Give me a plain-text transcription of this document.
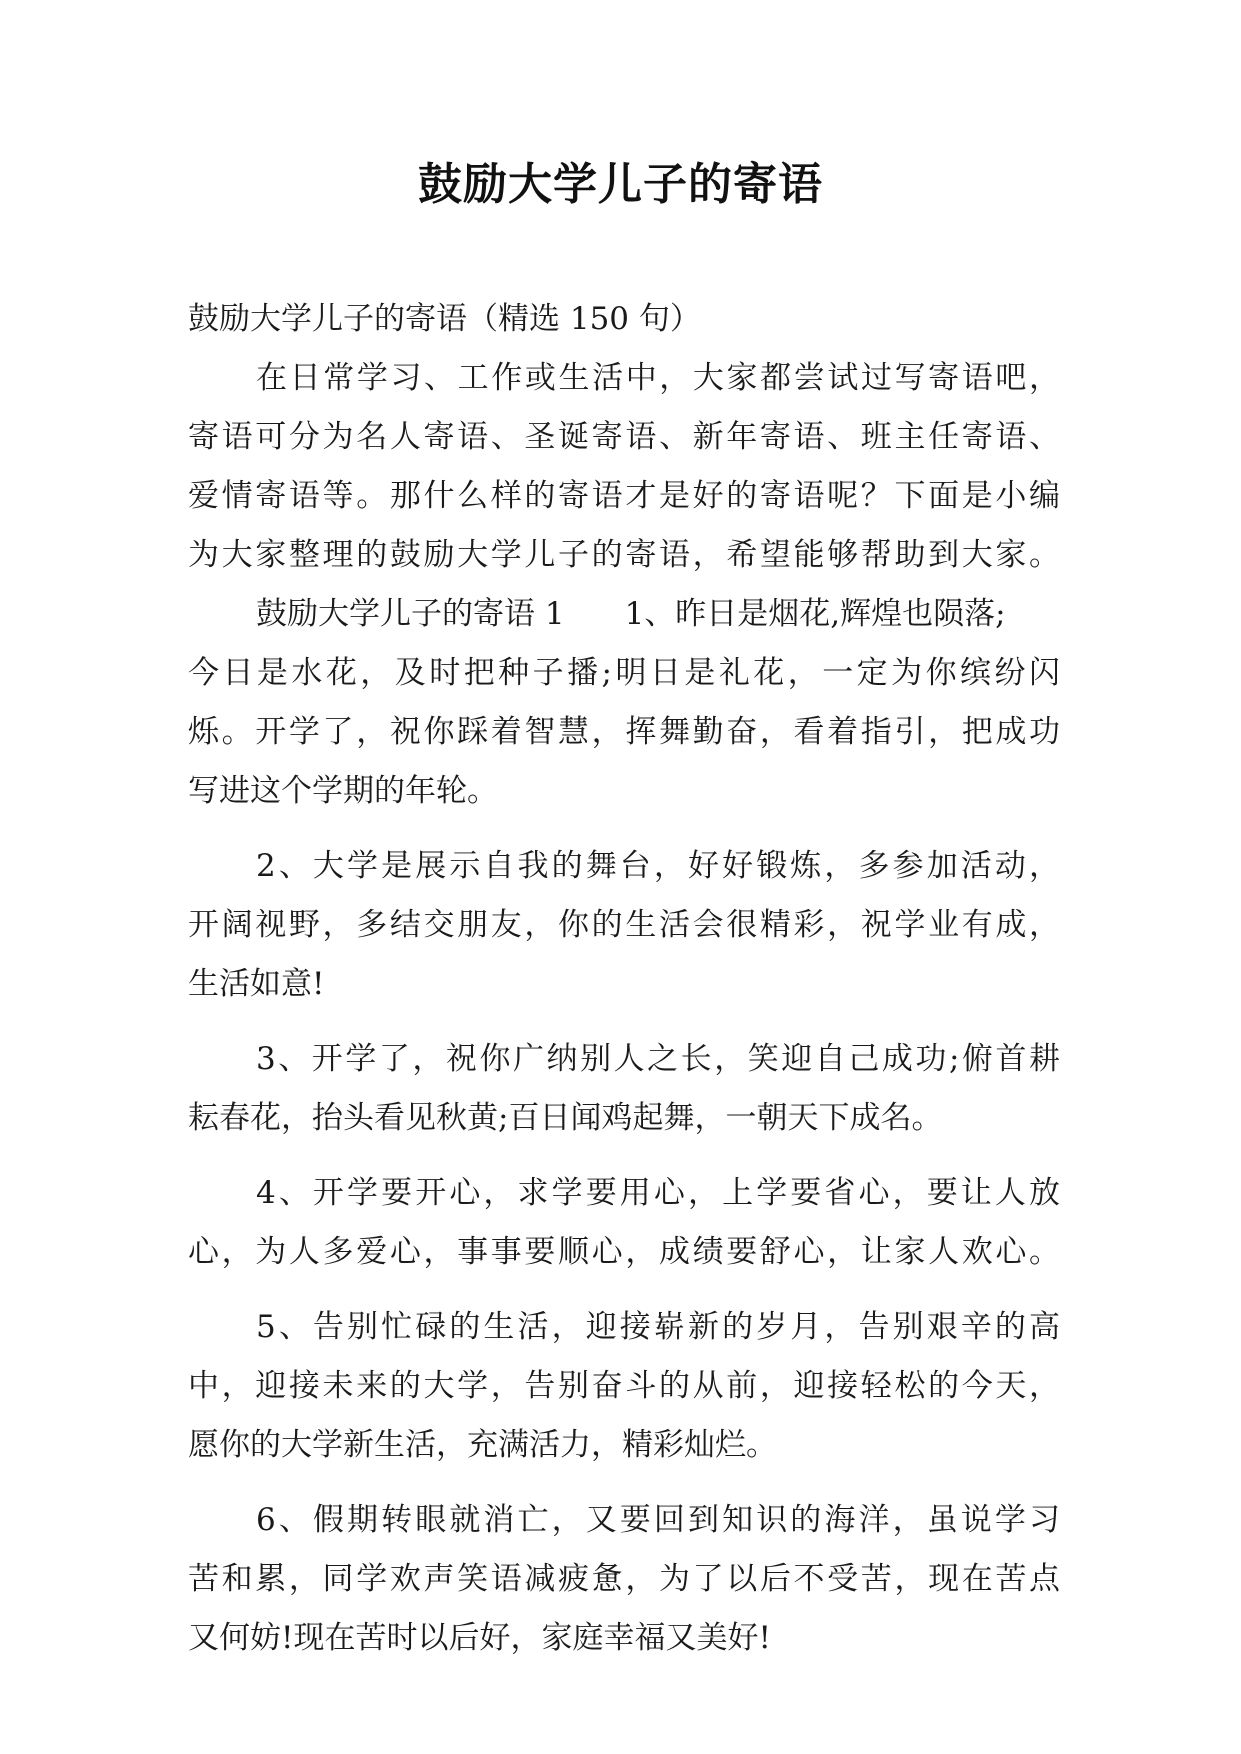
鼓励大学儿子的寄语
鼓励大学儿子的寄语（精选 150 句）
在日常学习、工作或生活中，大家都尝试过写寄语吧，
寄语可分为名人寄语、圣诞寄语、新年寄语、班主任寄语、
爱情寄语等。那什么样的寄语才是好的寄语呢？下面是小编
为大家整理的鼓励大学儿子的寄语，希望能够帮助到大家。
鼓励大学儿子的寄语 1 1、昨日是烟花,辉煌也陨落;
今日是水花，及时把种子播;明日是礼花，一定为你缤纷闪
烁。开学了，祝你踩着智慧，挥舞勤奋，看着指引，把成功
写进这个学期的年轮。
2、大学是展示自我的舞台，好好锻炼，多参加活动，
开阔视野，多结交朋友，你的生活会很精彩，祝学业有成，
生活如意!
3、开学了，祝你广纳别人之长，笑迎自己成功;俯首耕
耘春花，抬头看见秋黄;百日闻鸡起舞，一朝天下成名。
4、开学要开心，求学要用心，上学要省心，要让人放
心，为人多爱心，事事要顺心，成绩要舒心，让家人欢心。
5、告别忙碌的生活，迎接崭新的岁月，告别艰辛的高
中，迎接未来的大学，告别奋斗的从前，迎接轻松的今天，
愿你的大学新生活，充满活力，精彩灿烂。
6、假期转眼就消亡，又要回到知识的海洋，虽说学习
苦和累，同学欢声笑语减疲惫，为了以后不受苦，现在苦点
又何妨!现在苦时以后好，家庭幸福又美好!
